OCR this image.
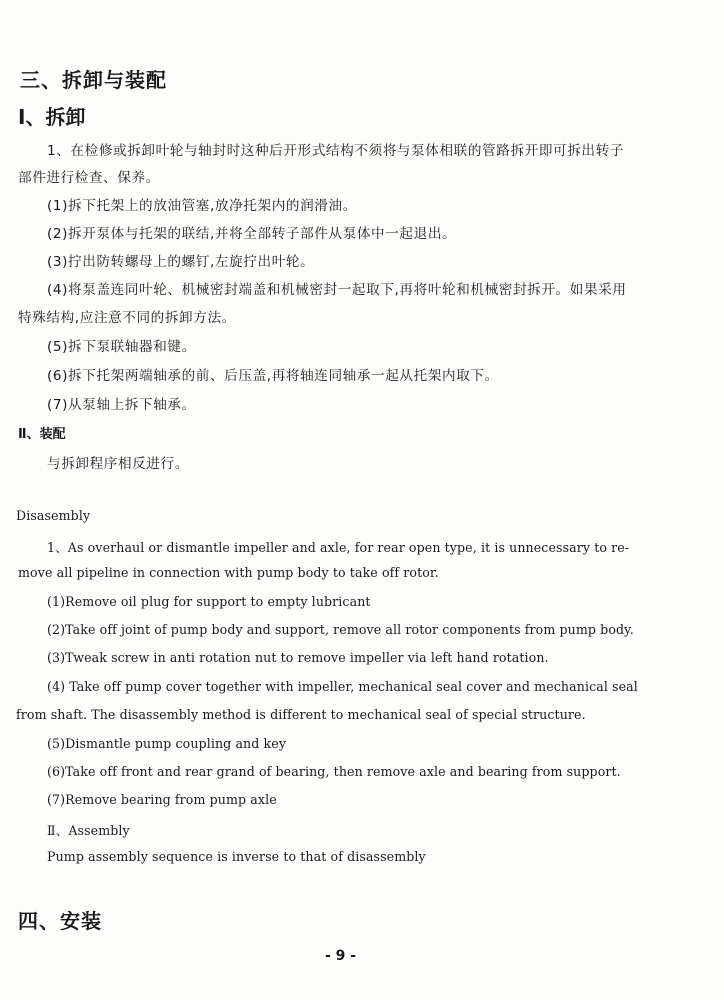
三、拆卸与装配
Ⅰ、拆卸
1、在检修或拆卸叶轮与轴封时这种后开形式结构不须将与泵体相联的管路拆开即可拆出转子
部件进行检查、保养。
(1)拆下托架上的放油管塞,放净托架内的润滑油。
(2)拆开泵体与托架的联结,并将全部转子部件从泵体中一起退出。
(3)拧出防转螺母上的螺钉,左旋拧出叶轮。
(4)将泵盖连同叶轮、机械密封端盖和机械密封一起取下,再将叶轮和机械密封拆开。如果采用
特殊结构,应注意不同的拆卸方法。
(5)拆下泵联轴器和键。
(6)拆下托架两端轴承的前、后压盖,再将轴连同轴承一起从托架内取下。
(7)从泵轴上拆下轴承。
Ⅱ、装配
与拆卸程序相反进行。
Disasembly
1、As overhaul or dismantle impeller and axle, for rear open type, it is unnecessary to re-
move all pipeline in connection with pump body to take off rotor.
(1)Remove oil plug for support to empty lubricant
(2)Take off joint of pump body and support, remove all rotor components from pump body.
(3)Tweak screw in anti rotation nut to remove impeller via left hand rotation.
(4) Take off pump cover together with impeller, mechanical seal cover and mechanical seal
from shaft. The disassembly method is different to mechanical seal of special structure.
(5)Dismantle pump coupling and key
(6)Take off front and rear grand of bearing, then remove axle and bearing from support.
(7)Remove bearing from pump axle
Ⅱ、Assembly
Pump assembly sequence is inverse to that of disassembly
四、安装
- 9 -
